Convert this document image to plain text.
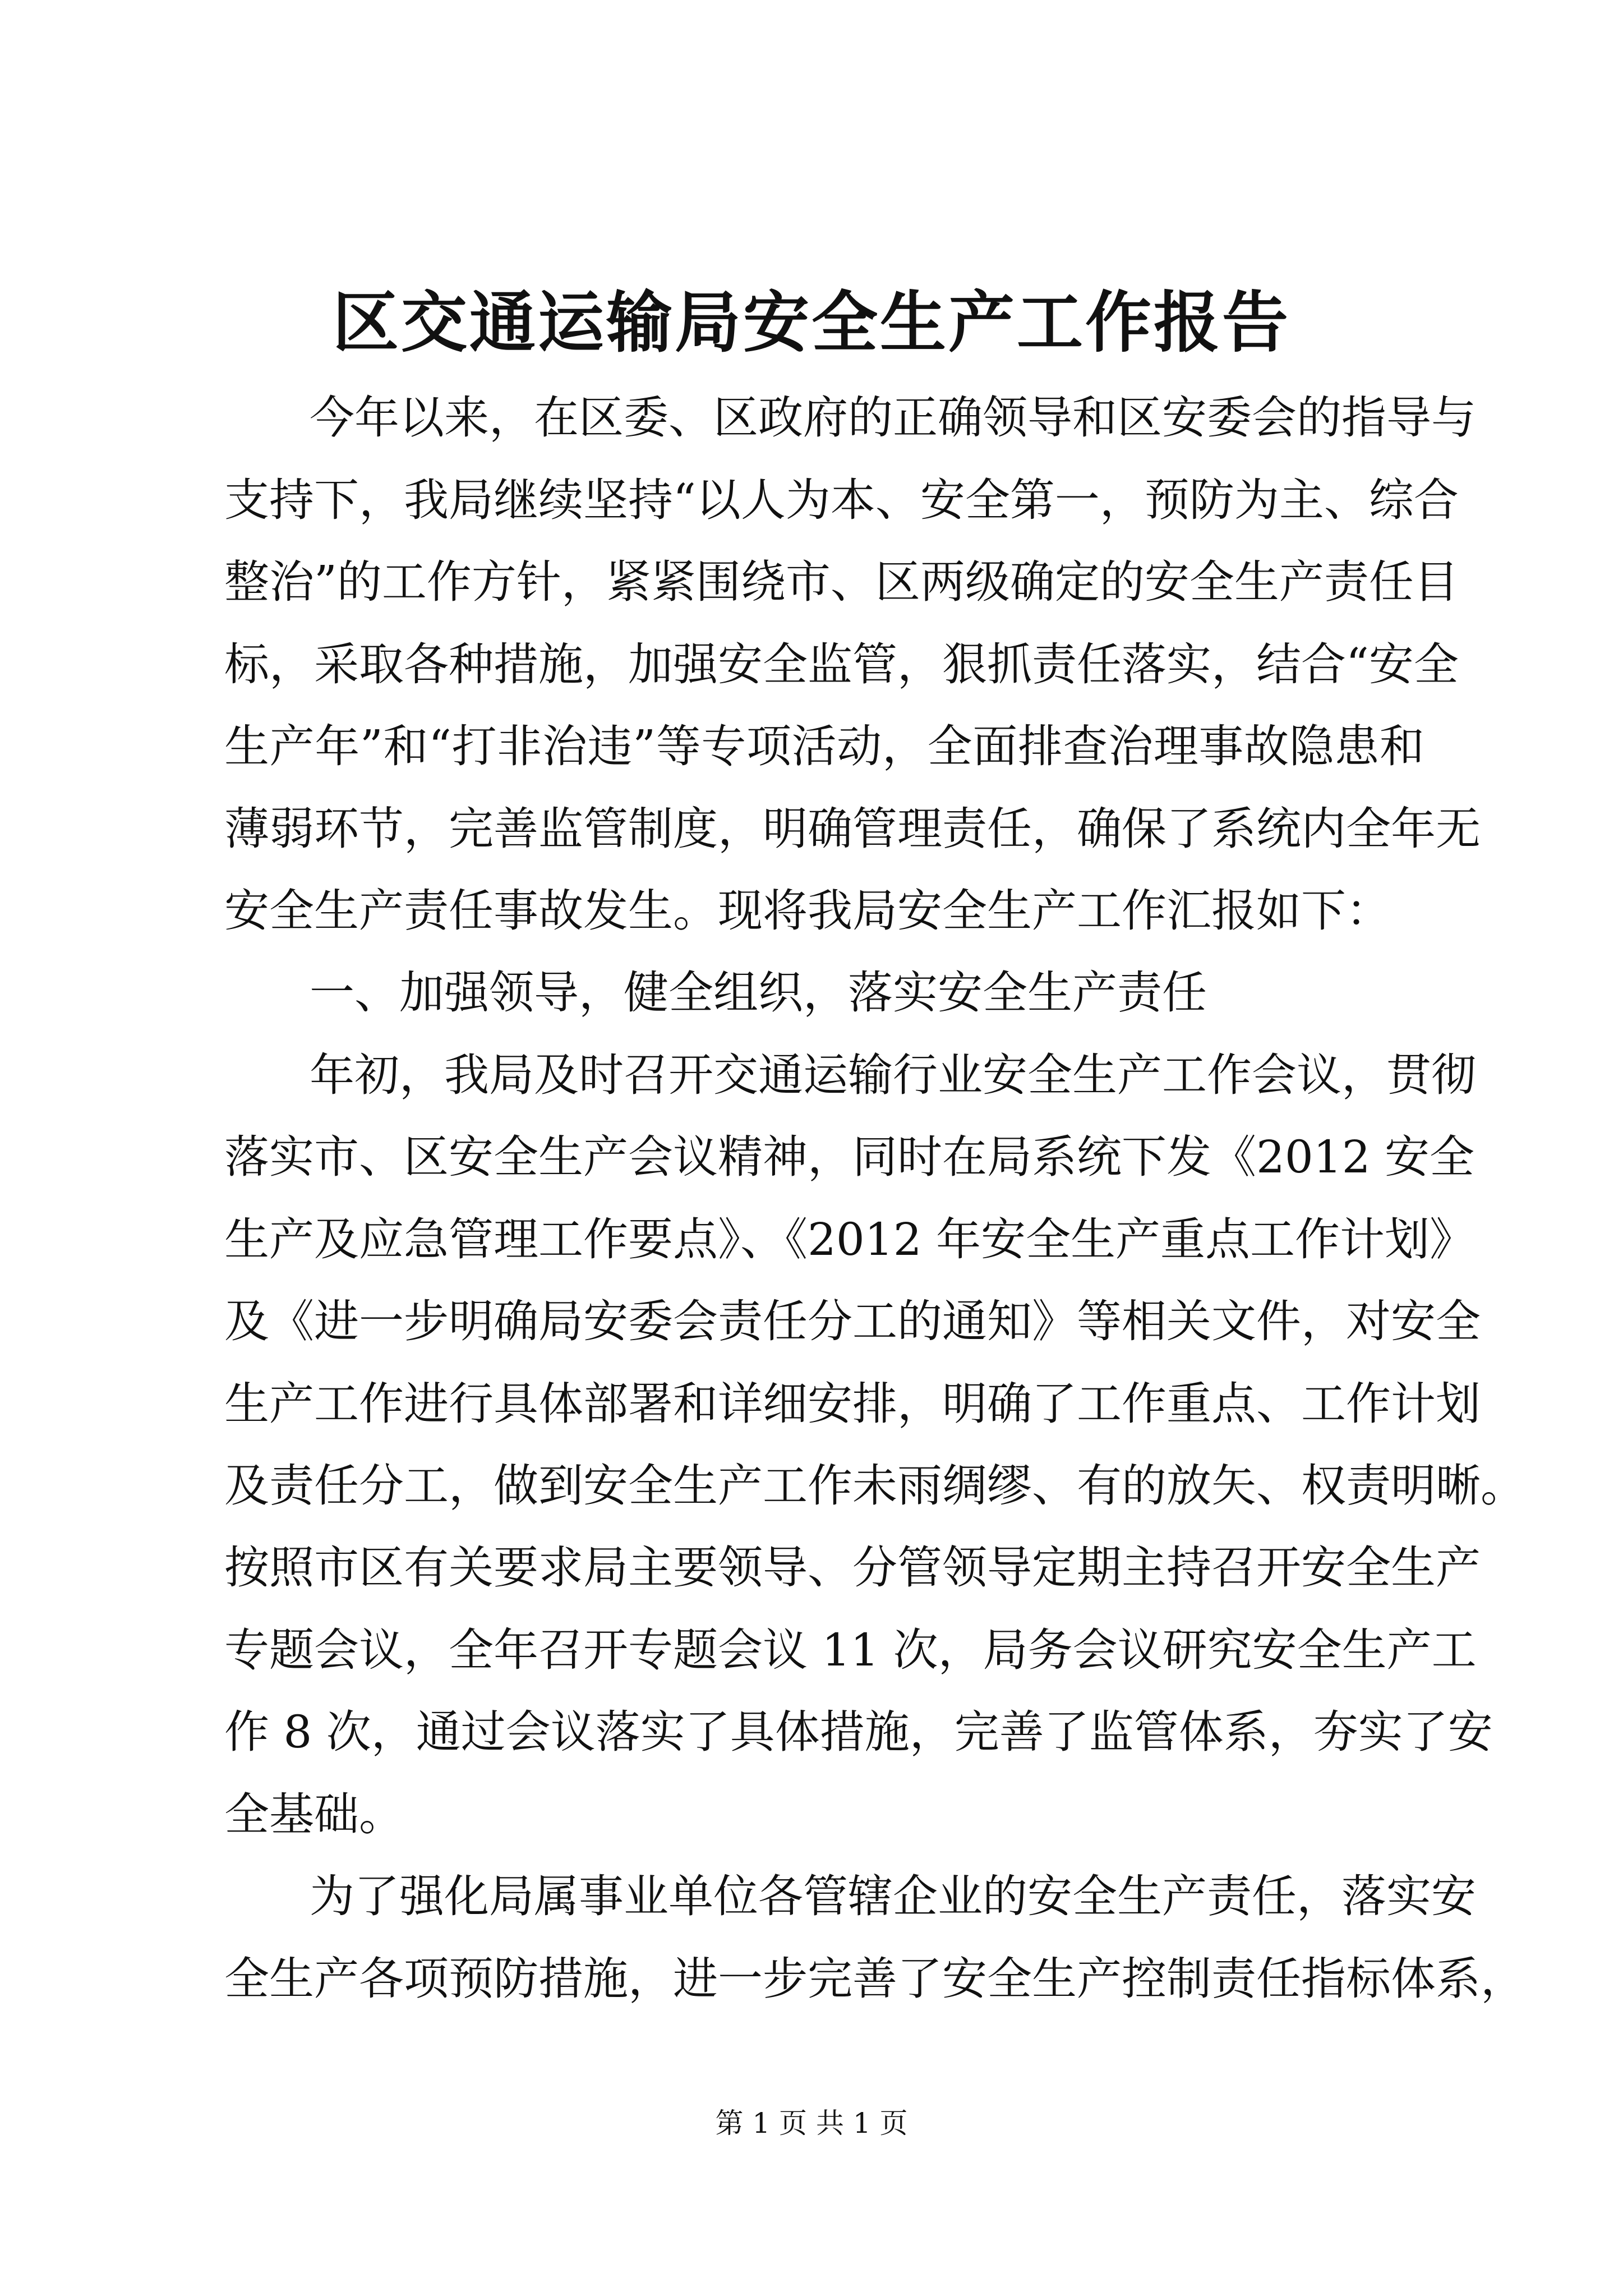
区交通运输局安全生产工作报告

今年以来，在区委、区政府的正确领导和区安委会的指导与

支持下，我局继续坚持“以人为本、安全第一，预防为主、综合

整治”的工作方针，紧紧围绕市、区两级确定的安全生产责任目

标，采取各种措施，加强安全监管，狠抓责任落实，结合“安全

生产年”和“打非治违”等专项活动，全面排查治理事故隐患和

薄弱环节，完善监管制度，明确管理责任，确保了系统内全年无

安全生产责任事故发生。现将我局安全生产工作汇报如下：

一、加强领导，健全组织，落实安全生产责任

年初，我局及时召开交通运输行业安全生产工作会议，贯彻

落实市、区安全生产会议精神，同时在局系统下发《2012 安全

生产及应急管理工作要点》、《2012 年安全生产重点工作计划》

及《进一步明确局安委会责任分工的通知》等相关文件，对安全

生产工作进行具体部署和详细安排，明确了工作重点、工作计划

及责任分工，做到安全生产工作未雨绸缪、有的放矢、权责明晰。

按照市区有关要求局主要领导、分管领导定期主持召开安全生产

专题会议，全年召开专题会议 11 次，局务会议研究安全生产工

作 8 次，通过会议落实了具体措施，完善了监管体系，夯实了安

全基础。

为了强化局属事业单位各管辖企业的安全生产责任，落实安

全生产各项预防措施，进一步完善了安全生产控制责任指标体系，

第 1 页 共 1 页
